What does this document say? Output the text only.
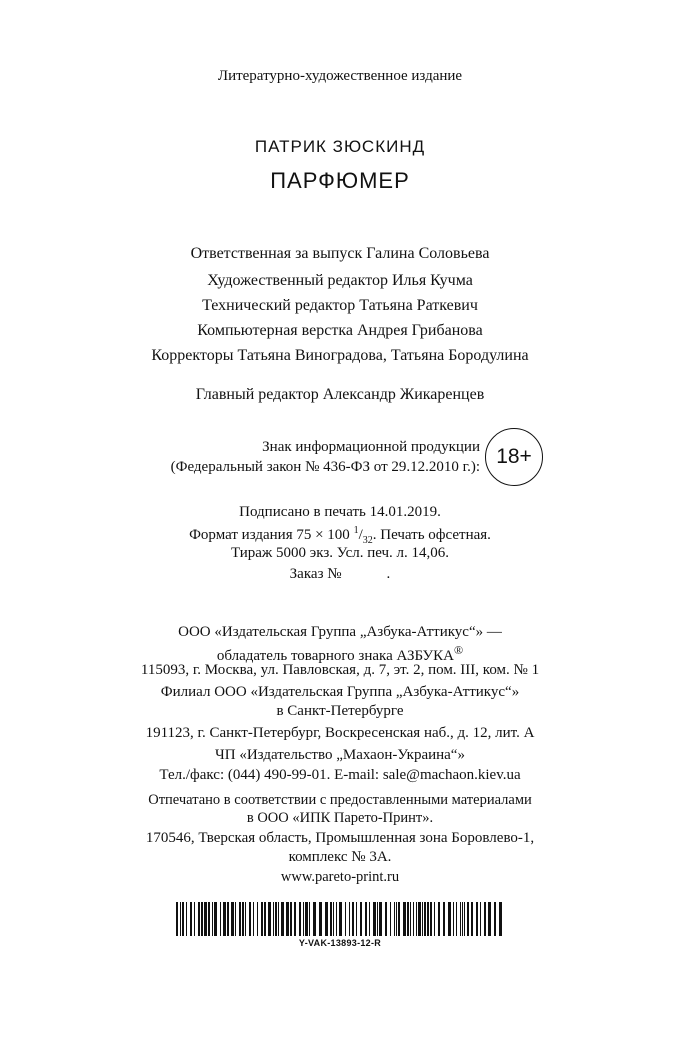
Литературно-художественное издание
ПАТРИК ЗЮСКИНД
ПАРФЮМЕР
Ответственная за выпуск Галина Соловьева
Художественный редактор Илья Кучма
Технический редактор Татьяна Раткевич
Компьютерная верстка Андрея Грибанова
Корректоры Татьяна Виноградова, Татьяна Бородулина
Главный редактор Александр Жикаренцев
Знак информационной продукции
(Федеральный закон № 436-ФЗ от 29.12.2010 г.): 18+
Подписано в печать 14.01.2019.
Формат издания 75 × 100 $^1/_{32}$. Печать офсетная.
Тираж 5000 экз. Усл. печ. л. 14,06.
Заказ №            .
ООО «Издательская Группа „Азбука-Аттикус“» —
обладатель товарного знака АЗБУКА®
115093, г. Москва, ул. Павловская, д. 7, эт. 2, пом. III, ком. № 1
Филиал ООО «Издательская Группа „Азбука-Аттикус“»
в Санкт-Петербурге
191123, г. Санкт-Петербург, Воскресенская наб., д. 12, лит. А
ЧП «Издательство „Махаон-Украина“»
Тел./факс: (044) 490-99-01. E-mail: sale@machaon.kiev.ua
Отпечатано в соответствии с предоставленными материалами
в ООО «ИПК Парето-Принт».
170546, Тверская область, Промышленная зона Боровлево-1,
комплекс № 3А.
www.pareto-print.ru
Y-VAK-13893-12-R
